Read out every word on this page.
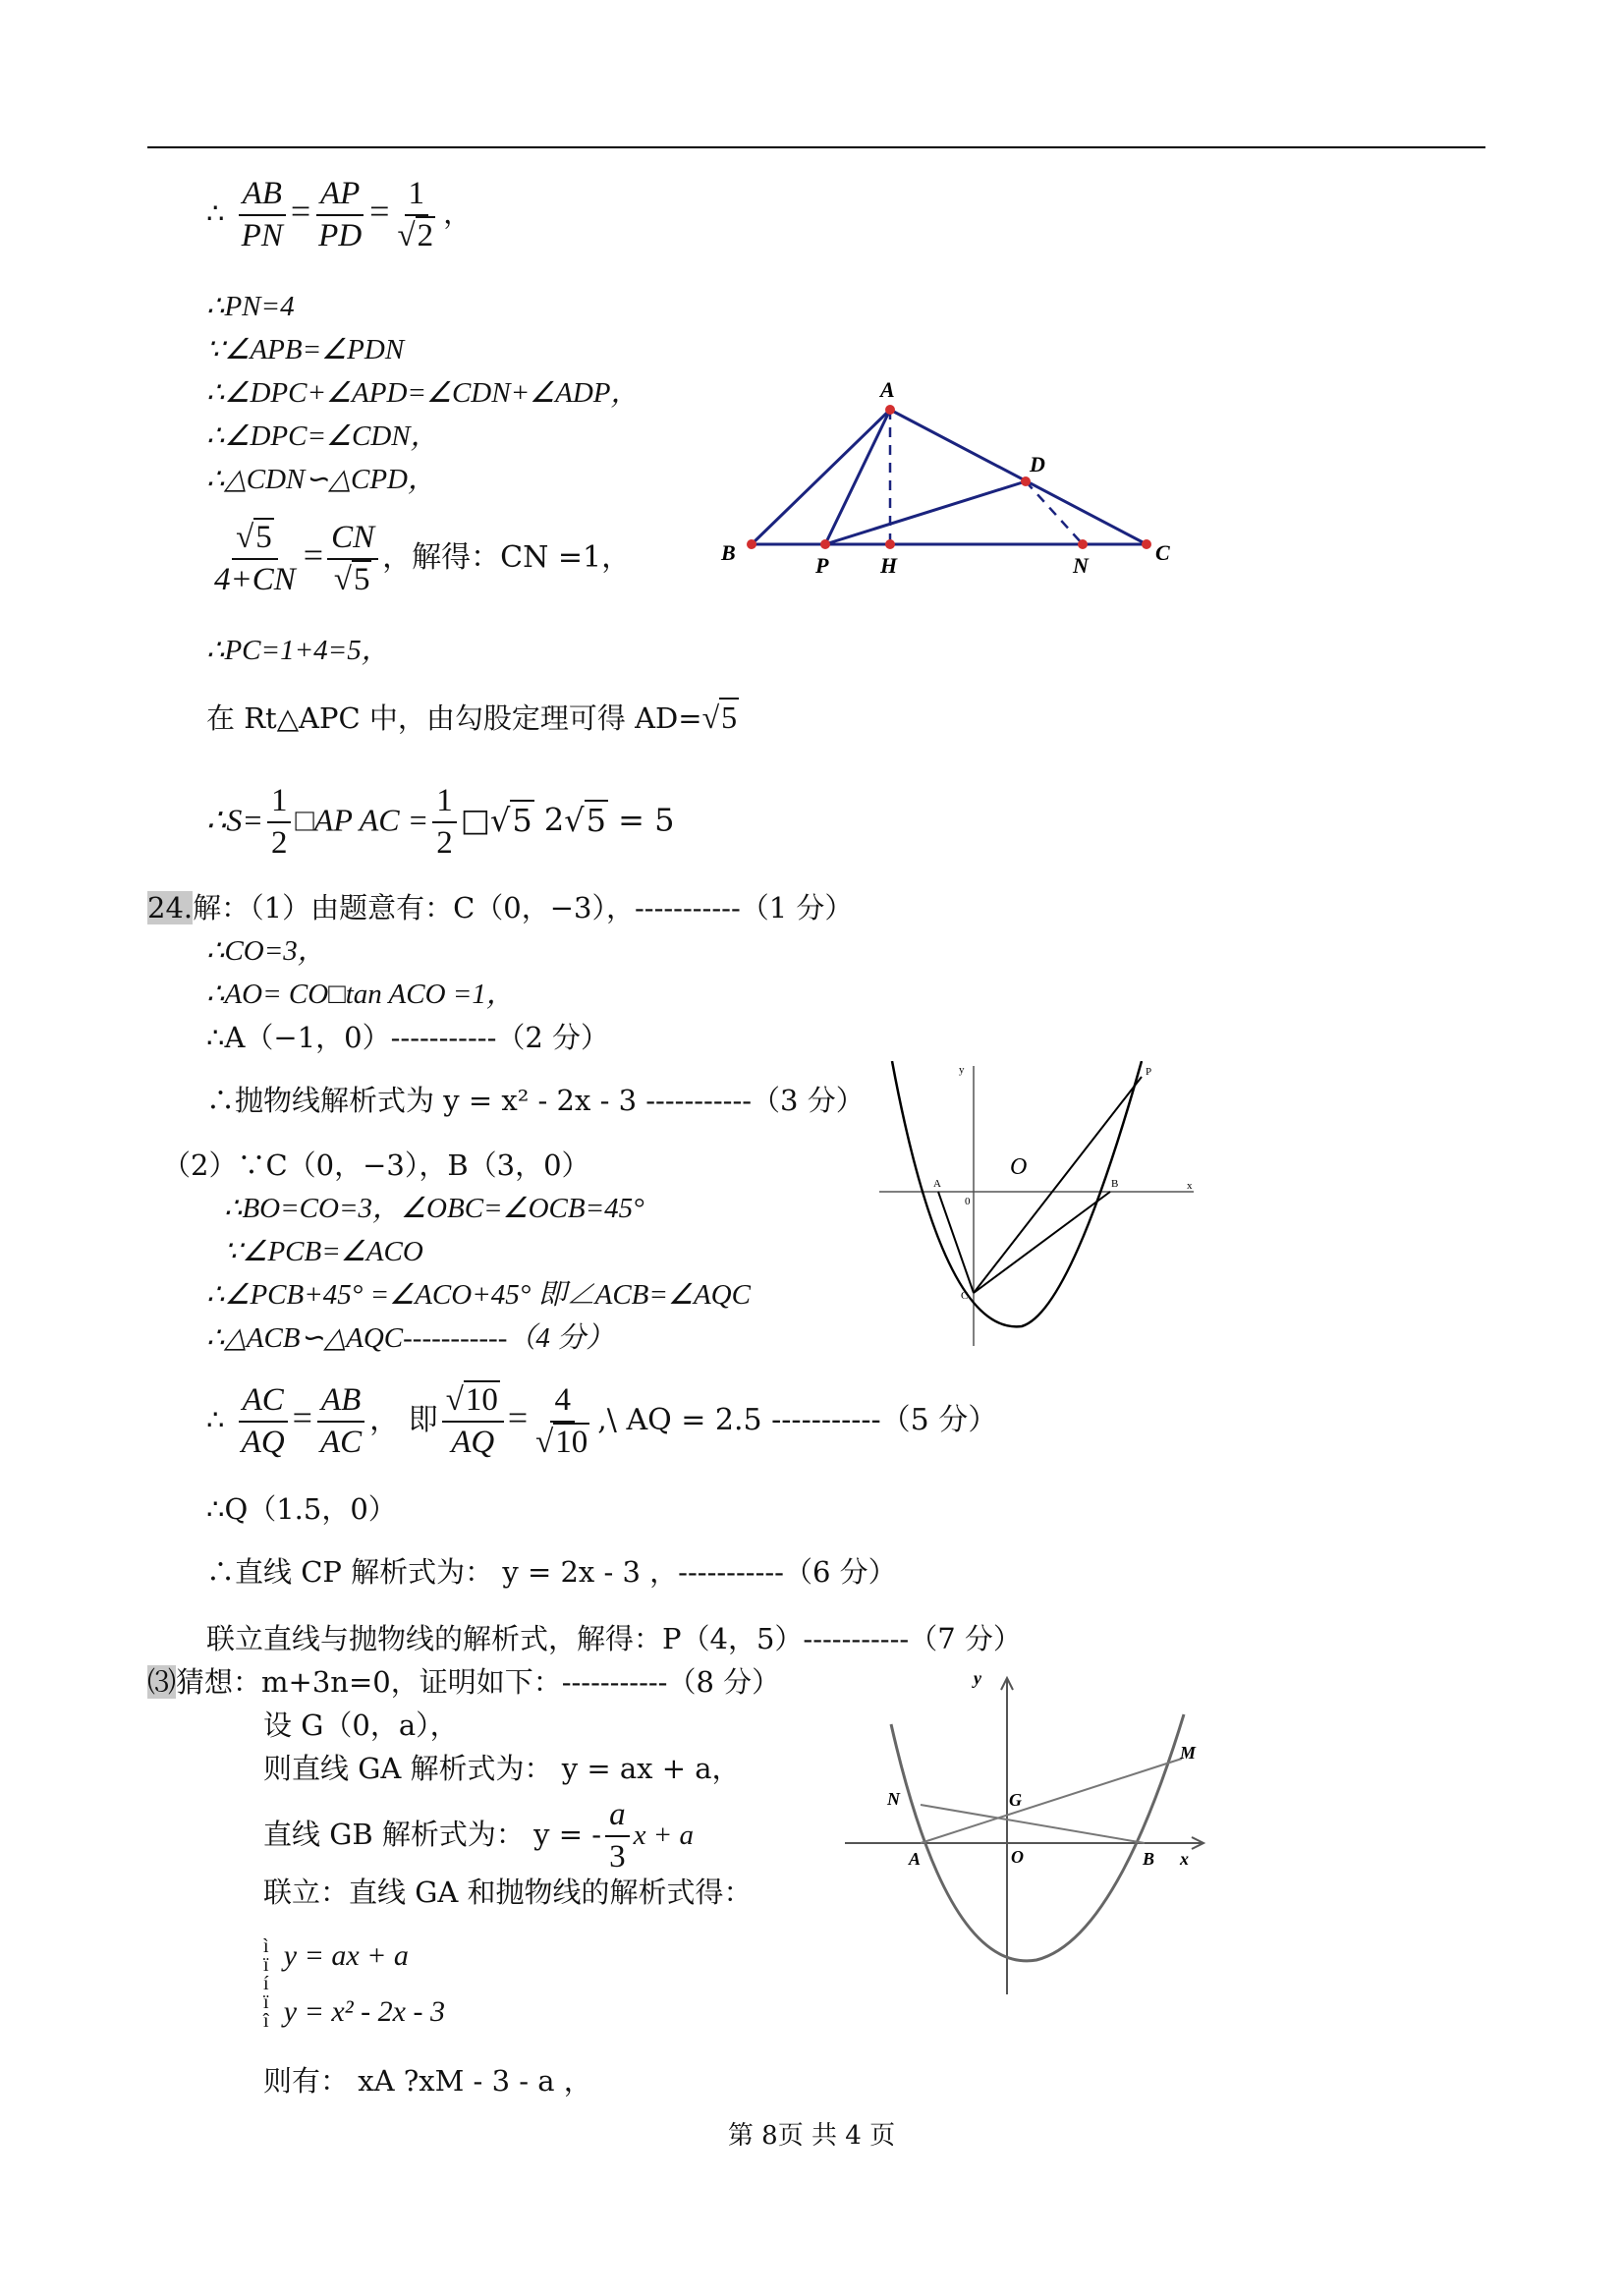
∴ $\frac{AB}{PN} = \frac{AP}{PD} = \frac{1}{√2}$ ，
∴PN=4
∵∠APB=∠PDN
∴∠DPC+∠APD=∠CDN+∠ADP，
∴∠DPC=∠CDN，
∴△CDN∽△CPD，
$\frac{√5}{4+CN} = \frac{CN}{√5}$ ，解得：CN =1，
∴PC=1+4=5，
在 Rt△APC 中，由勾股定理可得 AD=√5
∴S= $\frac{1}{2}$ □AP AC = $\frac{1}{2}$ □√5 2√5 = 5
24.解：（1）由题意有：C（0，−3），-----------（1 分）
∴CO=3，
∴AO= CO□tan ACO =1，
∴A（−1，0）-----------（2 分）
∴抛物线解析式为 y = x² - 2x - 3 -----------（3 分）
（2）∵C（0，−3），B（3，0）
∴BO=CO=3，∠OBC=∠OCB=45°
∵∠PCB=∠ACO
∴∠PCB+45° =∠ACO+45° 即∠ACB=∠AQC
∴△ACB∽△AQC-----------（4 分）
∴ $\frac{AC}{AQ} = \frac{AB}{AC}$ ， 即 $\frac{√10}{AQ} = \frac{4}{√10}$ ,\ AQ = 2.5 -----------（5 分）
∴Q（1.5，0）
∴直线 CP 解析式为： y = 2x - 3 ，-----------（6 分）
联立直线与抛物线的解析式，解得：P（4，5）-----------（7 分）
⑶猜想：m+3n=0，证明如下：-----------（8 分）
设 G（0，a），
则直线 GA 解析式为： y = ax + a，
直线 GB 解析式为： y = - $\frac{a}{3}$ x + a
联立：直线 GA 和抛物线的解析式得：
ì
ï
í
ï
î y = ax + a
y = x² - 2x - 3
则有： xA ?xM - 3 - a ，
A
B	C
D
P H	N
y
O
A
0
B
C
P
x
y
M
N	G
A	O	B x
第 8页 共 4 页
